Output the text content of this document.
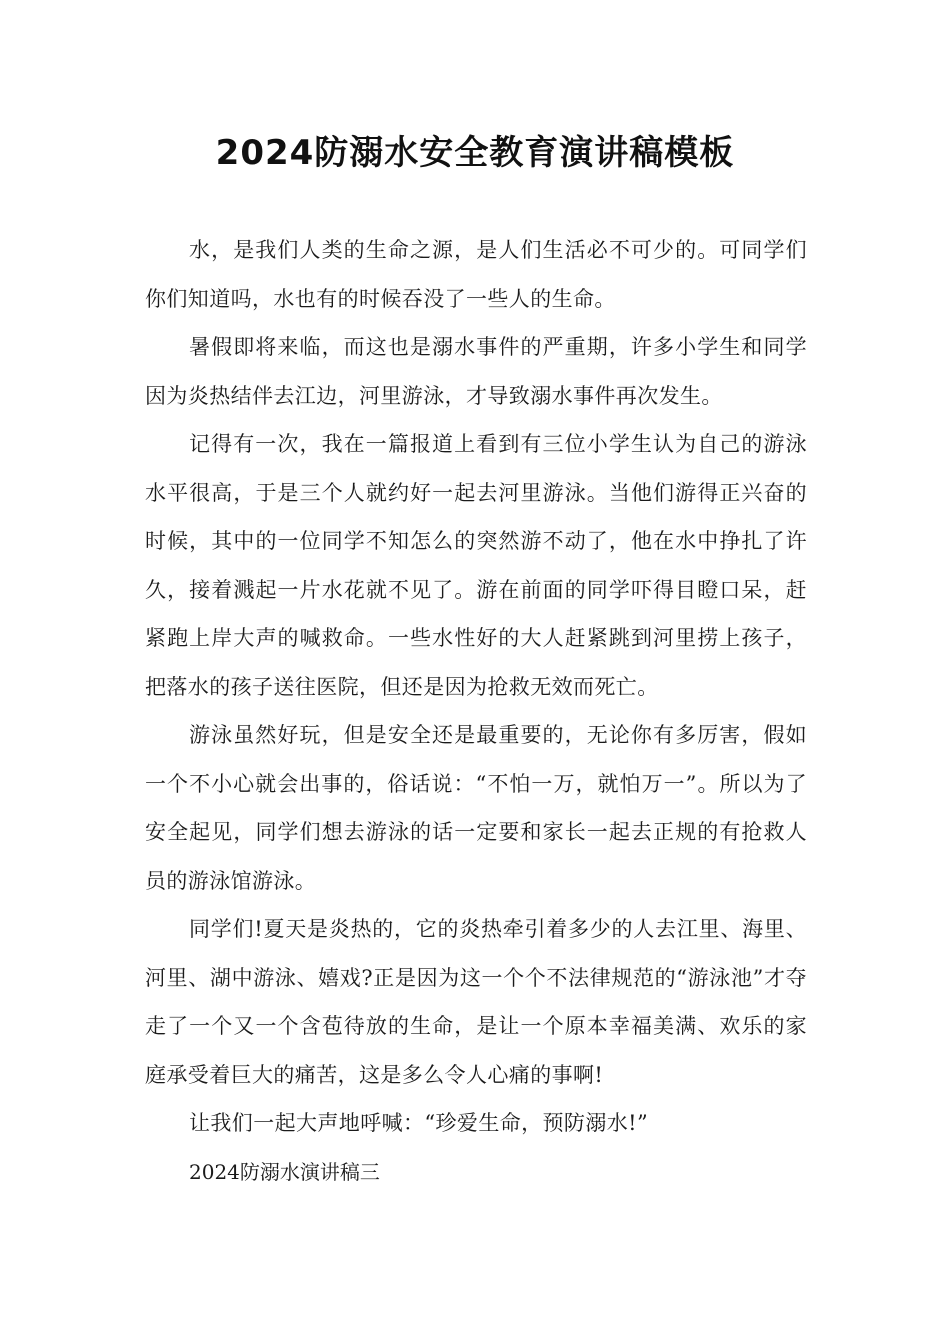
2024防溺水安全教育演讲稿模板

水，是我们人类的生命之源，是人们生活必不可少的。可同学们你们知道吗，水也有的时候吞没了一些人的生命。

暑假即将来临，而这也是溺水事件的严重期，许多小学生和同学因为炎热结伴去江边，河里游泳，才导致溺水事件再次发生。

记得有一次，我在一篇报道上看到有三位小学生认为自己的游泳水平很高，于是三个人就约好一起去河里游泳。当他们游得正兴奋的时候，其中的一位同学不知怎么的突然游不动了，他在水中挣扎了许久，接着溅起一片水花就不见了。游在前面的同学吓得目瞪口呆，赶紧跑上岸大声的喊救命。一些水性好的大人赶紧跳到河里捞上孩子，把落水的孩子送往医院，但还是因为抢救无效而死亡。

游泳虽然好玩，但是安全还是最重要的，无论你有多厉害，假如一个不小心就会出事的，俗话说：“不怕一万，就怕万一”。所以为了安全起见，同学们想去游泳的话一定要和家长一起去正规的有抢救人员的游泳馆游泳。

同学们!夏天是炎热的，它的炎热牵引着多少的人去江里、海里、河里、湖中游泳、嬉戏?正是因为这一个个不法律规范的“游泳池”才夺走了一个又一个含苞待放的生命，是让一个原本幸福美满、欢乐的家庭承受着巨大的痛苦，这是多么令人心痛的事啊!

让我们一起大声地呼喊：“珍爱生命，预防溺水!”

2024防溺水演讲稿三
